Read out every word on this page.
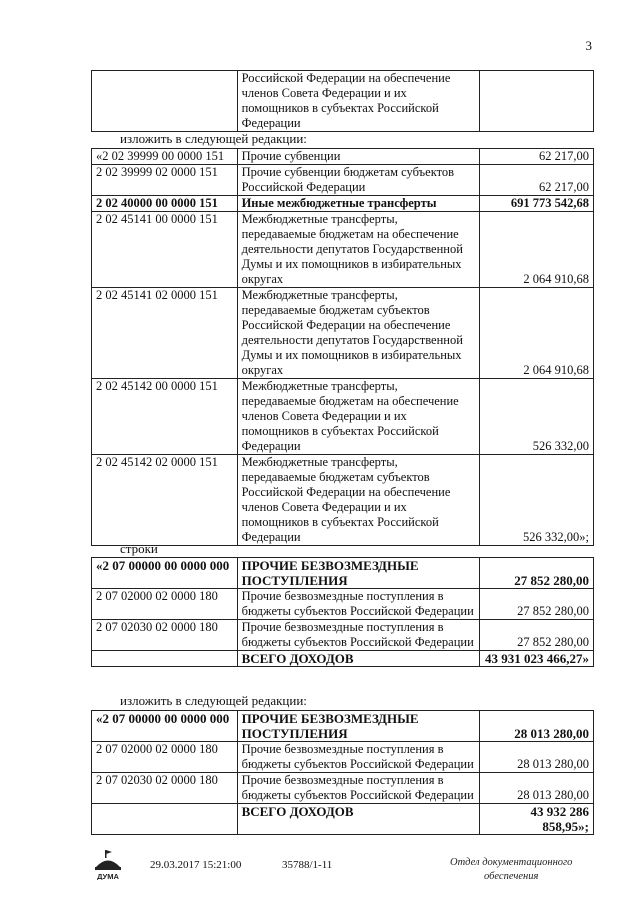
3
	Российской Федерации на обеспечение членов Совета Федерации и их помощников в субъектах Российской Федерации	
изложить в следующей редакции:
«2 02 39999 00 0000 151	Прочие субвенции	62 217,00
2 02 39999 02 0000 151	Прочие субвенции бюджетам субъектов Российской Федерации	62 217,00
2 02 40000 00 0000 151	Иные межбюджетные трансферты	691 773 542,68
2 02 45141 00 0000 151	Межбюджетные трансферты, передаваемые бюджетам на обеспечение деятельности депутатов Государственной Думы и их помощников в избирательных округах	2 064 910,68
2 02 45141 02 0000 151	Межбюджетные трансферты, передаваемые бюджетам субъектов Российской Федерации на обеспечение деятельности депутатов Государственной Думы и их помощников в избирательных округах	2 064 910,68
2 02 45142 00 0000 151	Межбюджетные трансферты, передаваемые бюджетам на обеспечение членов Совета Федерации и их помощников в субъектах Российской Федерации	526 332,00
2 02 45142 02 0000 151	Межбюджетные трансферты, передаваемые бюджетам субъектов Российской Федерации на обеспечение членов Совета Федерации и их помощников в субъектах Российской Федерации	526 332,00»;
строки
«2 07 00000 00 0000 000	ПРОЧИЕ БЕЗВОЗМЕЗДНЫЕ ПОСТУПЛЕНИЯ	27 852 280,00
2 07 02000 02 0000 180	Прочие безвозмездные поступления в бюджеты субъектов Российской Федерации	27 852 280,00
2 07 02030 02 0000 180	Прочие безвозмездные поступления в бюджеты субъектов Российской Федерации	27 852 280,00
	ВСЕГО ДОХОДОВ	43 931 023 466,27»
изложить в следующей редакции:
«2 07 00000 00 0000 000	ПРОЧИЕ БЕЗВОЗМЕЗДНЫЕ ПОСТУПЛЕНИЯ	28 013 280,00
2 07 02000 02 0000 180	Прочие безвозмездные поступления в бюджеты субъектов Российской Федерации	28 013 280,00
2 07 02030 02 0000 180	Прочие безвозмездные поступления в бюджеты субъектов Российской Федерации	28 013 280,00
	ВСЕГО ДОХОДОВ	43 932 286 858,95»;
ДУМА
29.03.2017 15:21:00	35788/1-11	Отдел документационного
обеспечения
